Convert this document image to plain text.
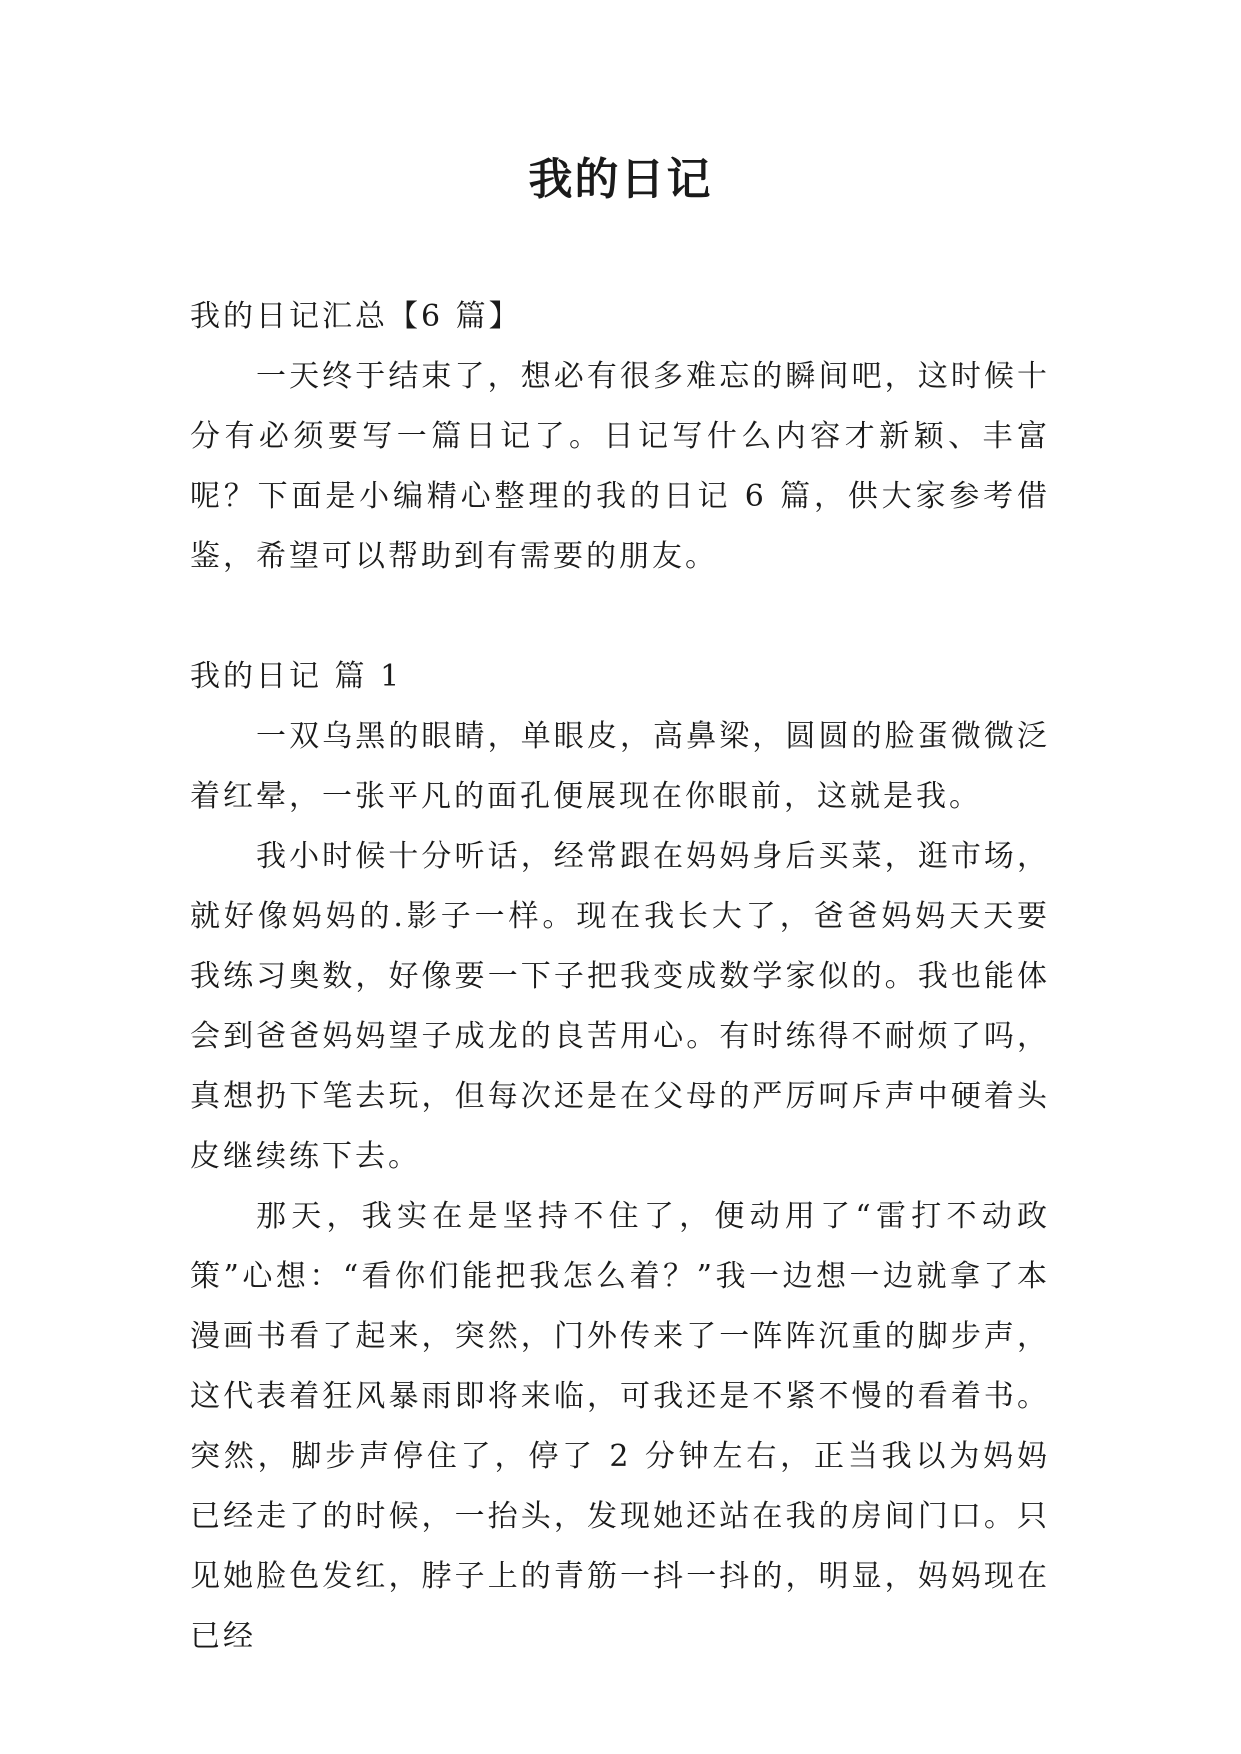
我的日记

我的日记汇总【6 篇】

一天终于结束了，想必有很多难忘的瞬间吧，这时候十分有必须要写一篇日记了。日记写什么内容才新颖、丰富呢？下面是小编精心整理的我的日记 6 篇，供大家参考借鉴，希望可以帮助到有需要的朋友。

我的日记 篇 1

一双乌黑的眼睛，单眼皮，高鼻梁，圆圆的脸蛋微微泛着红晕，一张平凡的面孔便展现在你眼前，这就是我。

我小时候十分听话，经常跟在妈妈身后买菜，逛市场，就好像妈妈的.影子一样。现在我长大了，爸爸妈妈天天要我练习奥数，好像要一下子把我变成数学家似的。我也能体会到爸爸妈妈望子成龙的良苦用心。有时练得不耐烦了吗，真想扔下笔去玩，但每次还是在父母的严厉呵斥声中硬着头皮继续练下去。

那天，我实在是坚持不住了，便动用了“雷打不动政策”心想：“看你们能把我怎么着？”我一边想一边就拿了本漫画书看了起来，突然，门外传来了一阵阵沉重的脚步声，这代表着狂风暴雨即将来临，可我还是不紧不慢的看着书。突然，脚步声停住了，停了 2 分钟左右，正当我以为妈妈已经走了的时候，一抬头，发现她还站在我的房间门口。只见她脸色发红，脖子上的青筋一抖一抖的，明显，妈妈现在已经
